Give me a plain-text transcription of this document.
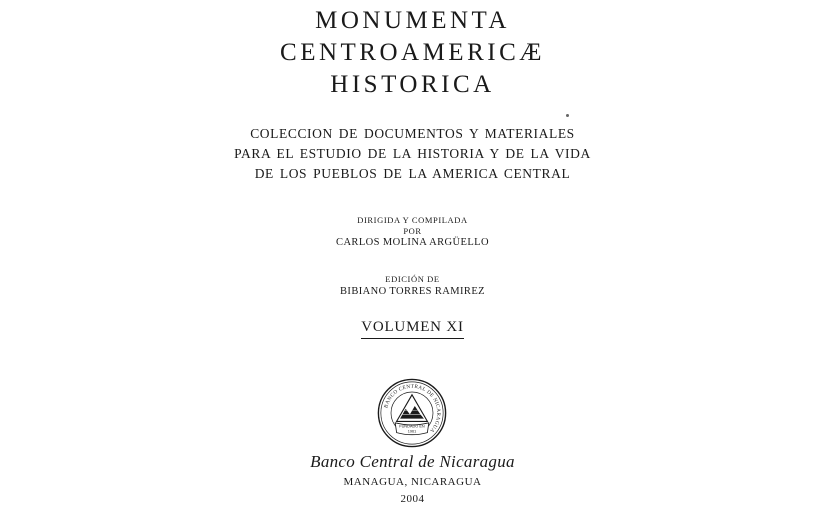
MONUMENTA
CENTROAMERICÆ
HISTORICA
COLECCION DE DOCUMENTOS Y MATERIALES
PARA EL ESTUDIO DE LA HISTORIA Y DE LA VIDA
DE LOS PUEBLOS DE LA AMERICA CENTRAL
DIRIGIDA Y COMPILADA
POR
CARLOS MOLINA ARGÜELLO
EDICIÓN DE
BIBIANO TORRES RAMIREZ
VOLUMEN XI
BANCO CENTRAL DE NICARAGUA
FUNDADO EN
1961
Banco Central de Nicaragua
MANAGUA, NICARAGUA
2004
